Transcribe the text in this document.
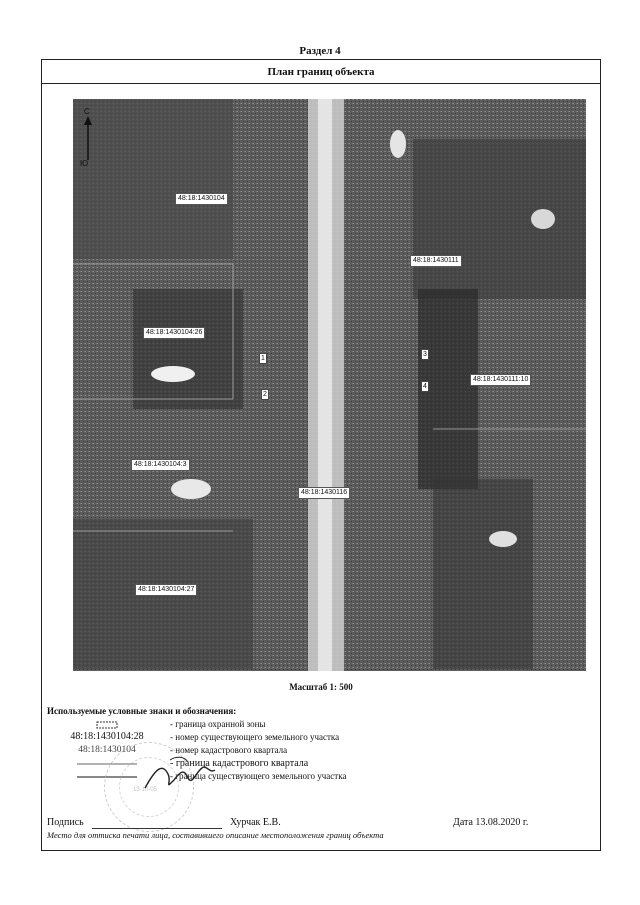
Раздел 4
План границ объекта
С
Ю
48:18:1430104
48:18:1430111
48:18:1430104:26
48:18:1430111:10
48:18:1430104:3
48:18:1430116
48:18:1430104:27
1
2
3
4
Масштаб 1: 500
Используемые условные знаки и обозначения:
- граница охранной зоны
48:18:1430104:28	- номер существующего земельного участка
48:18:1430104	- номер кадастрового квартала
- граница кадастрового квартала
- граница существующего земельного участка
13-10-05
Подпись	Хурчак Е.В.	Дата 13.08.2020 г.
Место для оттиска печати лица, составившего описание местоположения границ объекта
